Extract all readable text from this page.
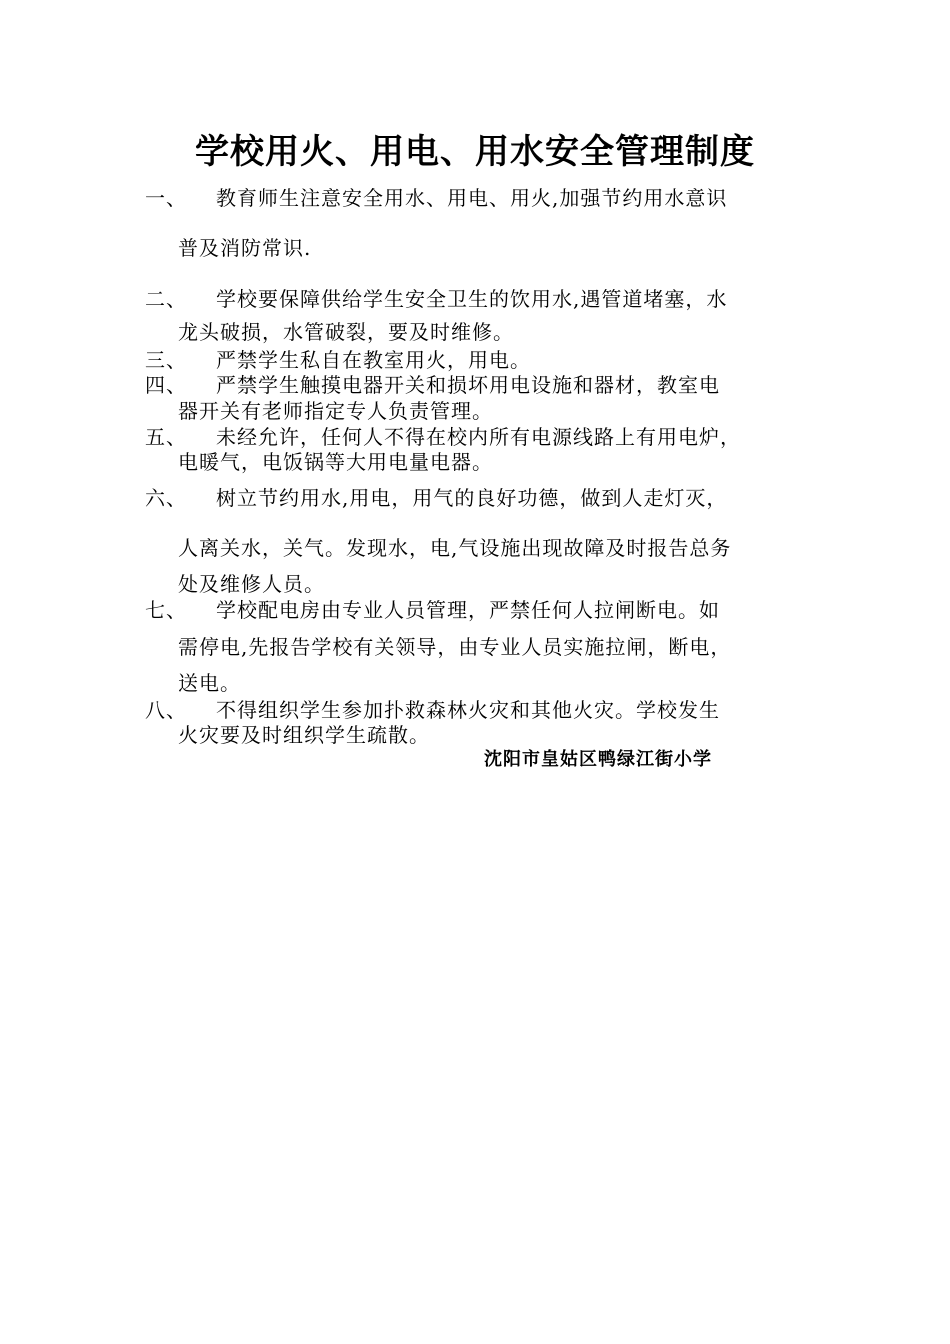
学校用火、用电、用水安全管理制度
一、 教育师生注意安全用水、用电、用火,加强节约用水意识
普及消防常识.
二、 学校要保障供给学生安全卫生的饮用水,遇管道堵塞，水
龙头破损，水管破裂，要及时维修。
三、 严禁学生私自在教室用火，用电。
四、 严禁学生触摸电器开关和损坏用电设施和器材，教室电
器开关有老师指定专人负责管理。
五、 未经允许，任何人不得在校内所有电源线路上有用电炉，
电暖气，电饭锅等大用电量电器。
六、 树立节约用水,用电，用气的良好功德，做到人走灯灭，
人离关水，关气。发现水，电,气设施出现故障及时报告总务
处及维修人员。
七、 学校配电房由专业人员管理，严禁任何人拉闸断电。如
需停电,先报告学校有关领导，由专业人员实施拉闸，断电，
送电。
八、 不得组织学生参加扑救森林火灾和其他火灾。学校发生
火灾要及时组织学生疏散。
沈阳市皇姑区鸭绿江街小学
